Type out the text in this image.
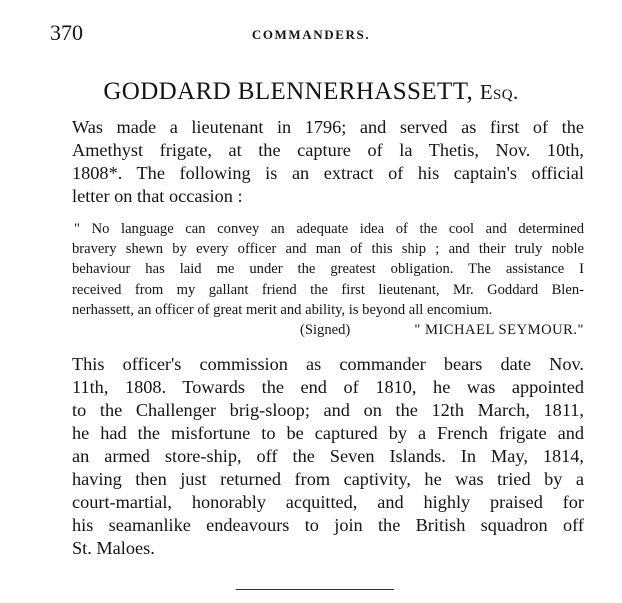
370	COMMANDERS.
GODDARD BLENNERHASSETT, Esq.
Was made a lieutenant in 1796; and served as first of the
Amethyst frigate, at the capture of la Thetis, Nov. 10th,
1808*. The following is an extract of his captain's official
letter on that occasion :
" No language can convey an adequate idea of the cool and determined
bravery shewn by every officer and man of this ship ; and their truly noble
behaviour has laid me under the greatest obligation. The assistance I
received from my gallant friend the first lieutenant, Mr. Goddard Blen-
nerhassett, an officer of great merit and ability, is beyond all encomium.
(Signed)	" MICHAEL SEYMOUR."
This officer's commission as commander bears date Nov.
11th, 1808. Towards the end of 1810, he was appointed
to the Challenger brig-sloop; and on the 12th March, 1811,
he had the misfortune to be captured by a French frigate and
an armed store-ship, off the Seven Islands. In May, 1814,
having then just returned from captivity, he was tried by a
court-martial, honorably acquitted, and highly praised for
his seamanlike endeavours to join the British squadron off
St. Maloes.
